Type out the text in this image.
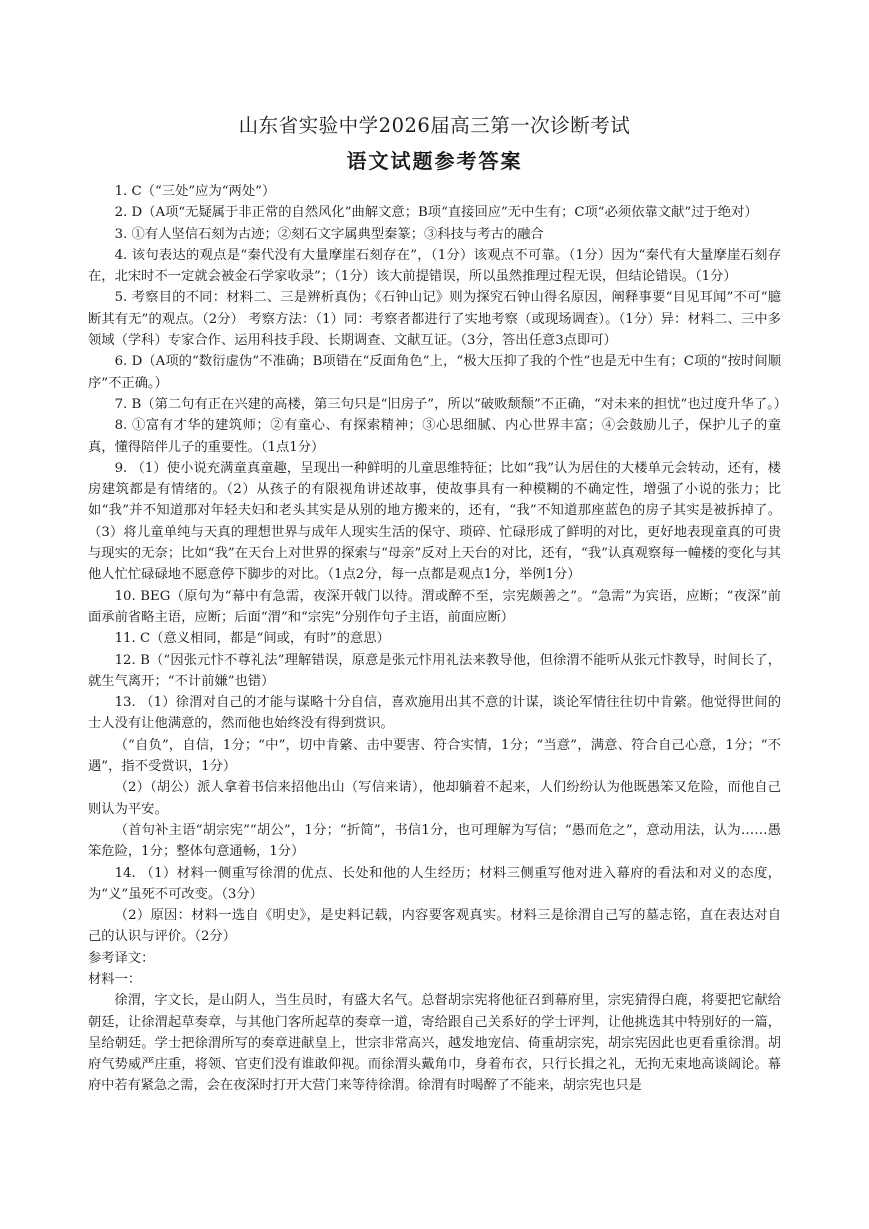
山东省实验中学2026届高三第一次诊断考试
语文试题参考答案

1. C（“三处”应为“两处”）

2. D（A项“无疑属于非正常的自然风化”曲解文意；B项“直接回应”无中生有；C项“必须依靠文献”过于绝对）

3. ①有人坚信石刻为古迹；②刻石文字属典型秦篆；③科技与考古的融合

4. 该句表达的观点是“秦代没有大量摩崖石刻存在”，（1分）该观点不可靠。（1分）因为“秦代有大量摩崖石刻存在，北宋时不一定就会被金石学家收录”；（1分）该大前提错误，所以虽然推理过程无误，但结论错误。（1分）

5. 考察目的不同：材料二、三是辨析真伪；《石钟山记》则为探究石钟山得名原因，阐释事要“目见耳闻”不可“臆断其有无”的观点。（2分） 考察方法：（1）同：考察者都进行了实地考察（或现场调查）。（1分）异：材料二、三中多领域（学科）专家合作、运用科技手段、长期调查、文献互证。（3分，答出任意3点即可）

6. D（A项的“数衍虚伪”不准确；B项错在“反面角色”上，“极大压抑了我的个性”也是无中生有；C项的“按时间顺序”不正确。）

7. B（第二句有正在兴建的高楼，第三句只是“旧房子”，所以“破败颓颓”不正确，“对未来的担忧”也过度升华了。）

8. ①富有才华的建筑师；②有童心、有探索精神；③心思细腻、内心世界丰富；④会鼓励儿子，保护儿子的童真，懂得陪伴儿子的重要性。（1点1分）

9. （1）使小说充满童真童趣，呈现出一种鲜明的儿童思维特征；比如“我”认为居住的大楼单元会转动，还有，楼房建筑都是有情绪的。（2）从孩子的有限视角讲述故事，使故事具有一种模糊的不确定性，增强了小说的张力；比如“我”并不知道那对年轻夫妇和老头其实是从别的地方搬来的，还有，“我”不知道那座蓝色的房子其实是被拆掉了。（3）将儿童单纯与天真的理想世界与成年人现实生活的保守、琐碎、忙碌形成了鲜明的对比，更好地表现童真的可贵与现实的无奈；比如“我”在天台上对世界的探索与“母亲”反对上天台的对比，还有，“我”认真观察每一幢楼的变化与其他人忙忙碌碌地不愿意停下脚步的对比。（1点2分，每一点都是观点1分，举例1分）

10. BEG（原句为“幕中有急需，夜深开戟门以待。渭或醉不至，宗宪颇善之”。“急需”为宾语，应断；“夜深”前面承前省略主语，应断；后面“渭”和“宗宪”分别作句子主语，前面应断）

11. C（意义相同，都是“间或，有时”的意思）

12. B（“因张元忭不尊礼法”理解错误，原意是张元忭用礼法来教导他，但徐渭不能听从张元忭教导，时间长了，就生气离开；“不计前嫌”也错）

13. （1）徐渭对自己的才能与谋略十分自信，喜欢施用出其不意的计谋，谈论军情往往切中肯綮。他觉得世间的士人没有让他满意的，然而他也始终没有得到赏识。

（“自负”，自信，1分；“中”，切中肯綮、击中要害、符合实情，1分；“当意”，满意、符合自己心意，1分；“不遇”，指不受赏识，1分）

（2）（胡公）派人拿着书信来招他出山（写信来请），他却躺着不起来，人们纷纷认为他既愚笨又危险，而他自己则认为平安。

（首句补主语“胡宗宪”“胡公”，1分；“折简”，书信1分，也可理解为写信；“愚而危之”，意动用法，认为……愚笨危险，1分；整体句意通畅，1分）

14. （1）材料一侧重写徐渭的优点、长处和他的人生经历；材料三侧重写他对进入幕府的看法和对义的态度，为“义”虽死不可改变。（3分）

（2）原因：材料一选自《明史》，是史料记载，内容要客观真实。材料三是徐渭自己写的墓志铭，直在表达对自己的认识与评价。（2分）

参考译文：

材料一：

徐渭，字文长，是山阴人，当生员时，有盛大名气。总督胡宗宪将他征召到幕府里，宗宪猜得白鹿，将要把它献给朝廷，让徐渭起草奏章，与其他门客所起草的奏章一道，寄给跟自己关系好的学士评判，让他挑选其中特别好的一篇，呈给朝廷。学士把徐渭所写的奏章进献皇上，世宗非常高兴，越发地宠信、倚重胡宗宪，胡宗宪因此也更看重徐渭。胡府气势威严庄重，将领、官吏们没有谁敢仰视。而徐渭头戴角巾，身着布衣，只行长揖之礼，无拘无束地高谈阔论。幕府中若有紧急之需，会在夜深时打开大营门来等待徐渭。徐渭有时喝醉了不能来，胡宗宪也只是
